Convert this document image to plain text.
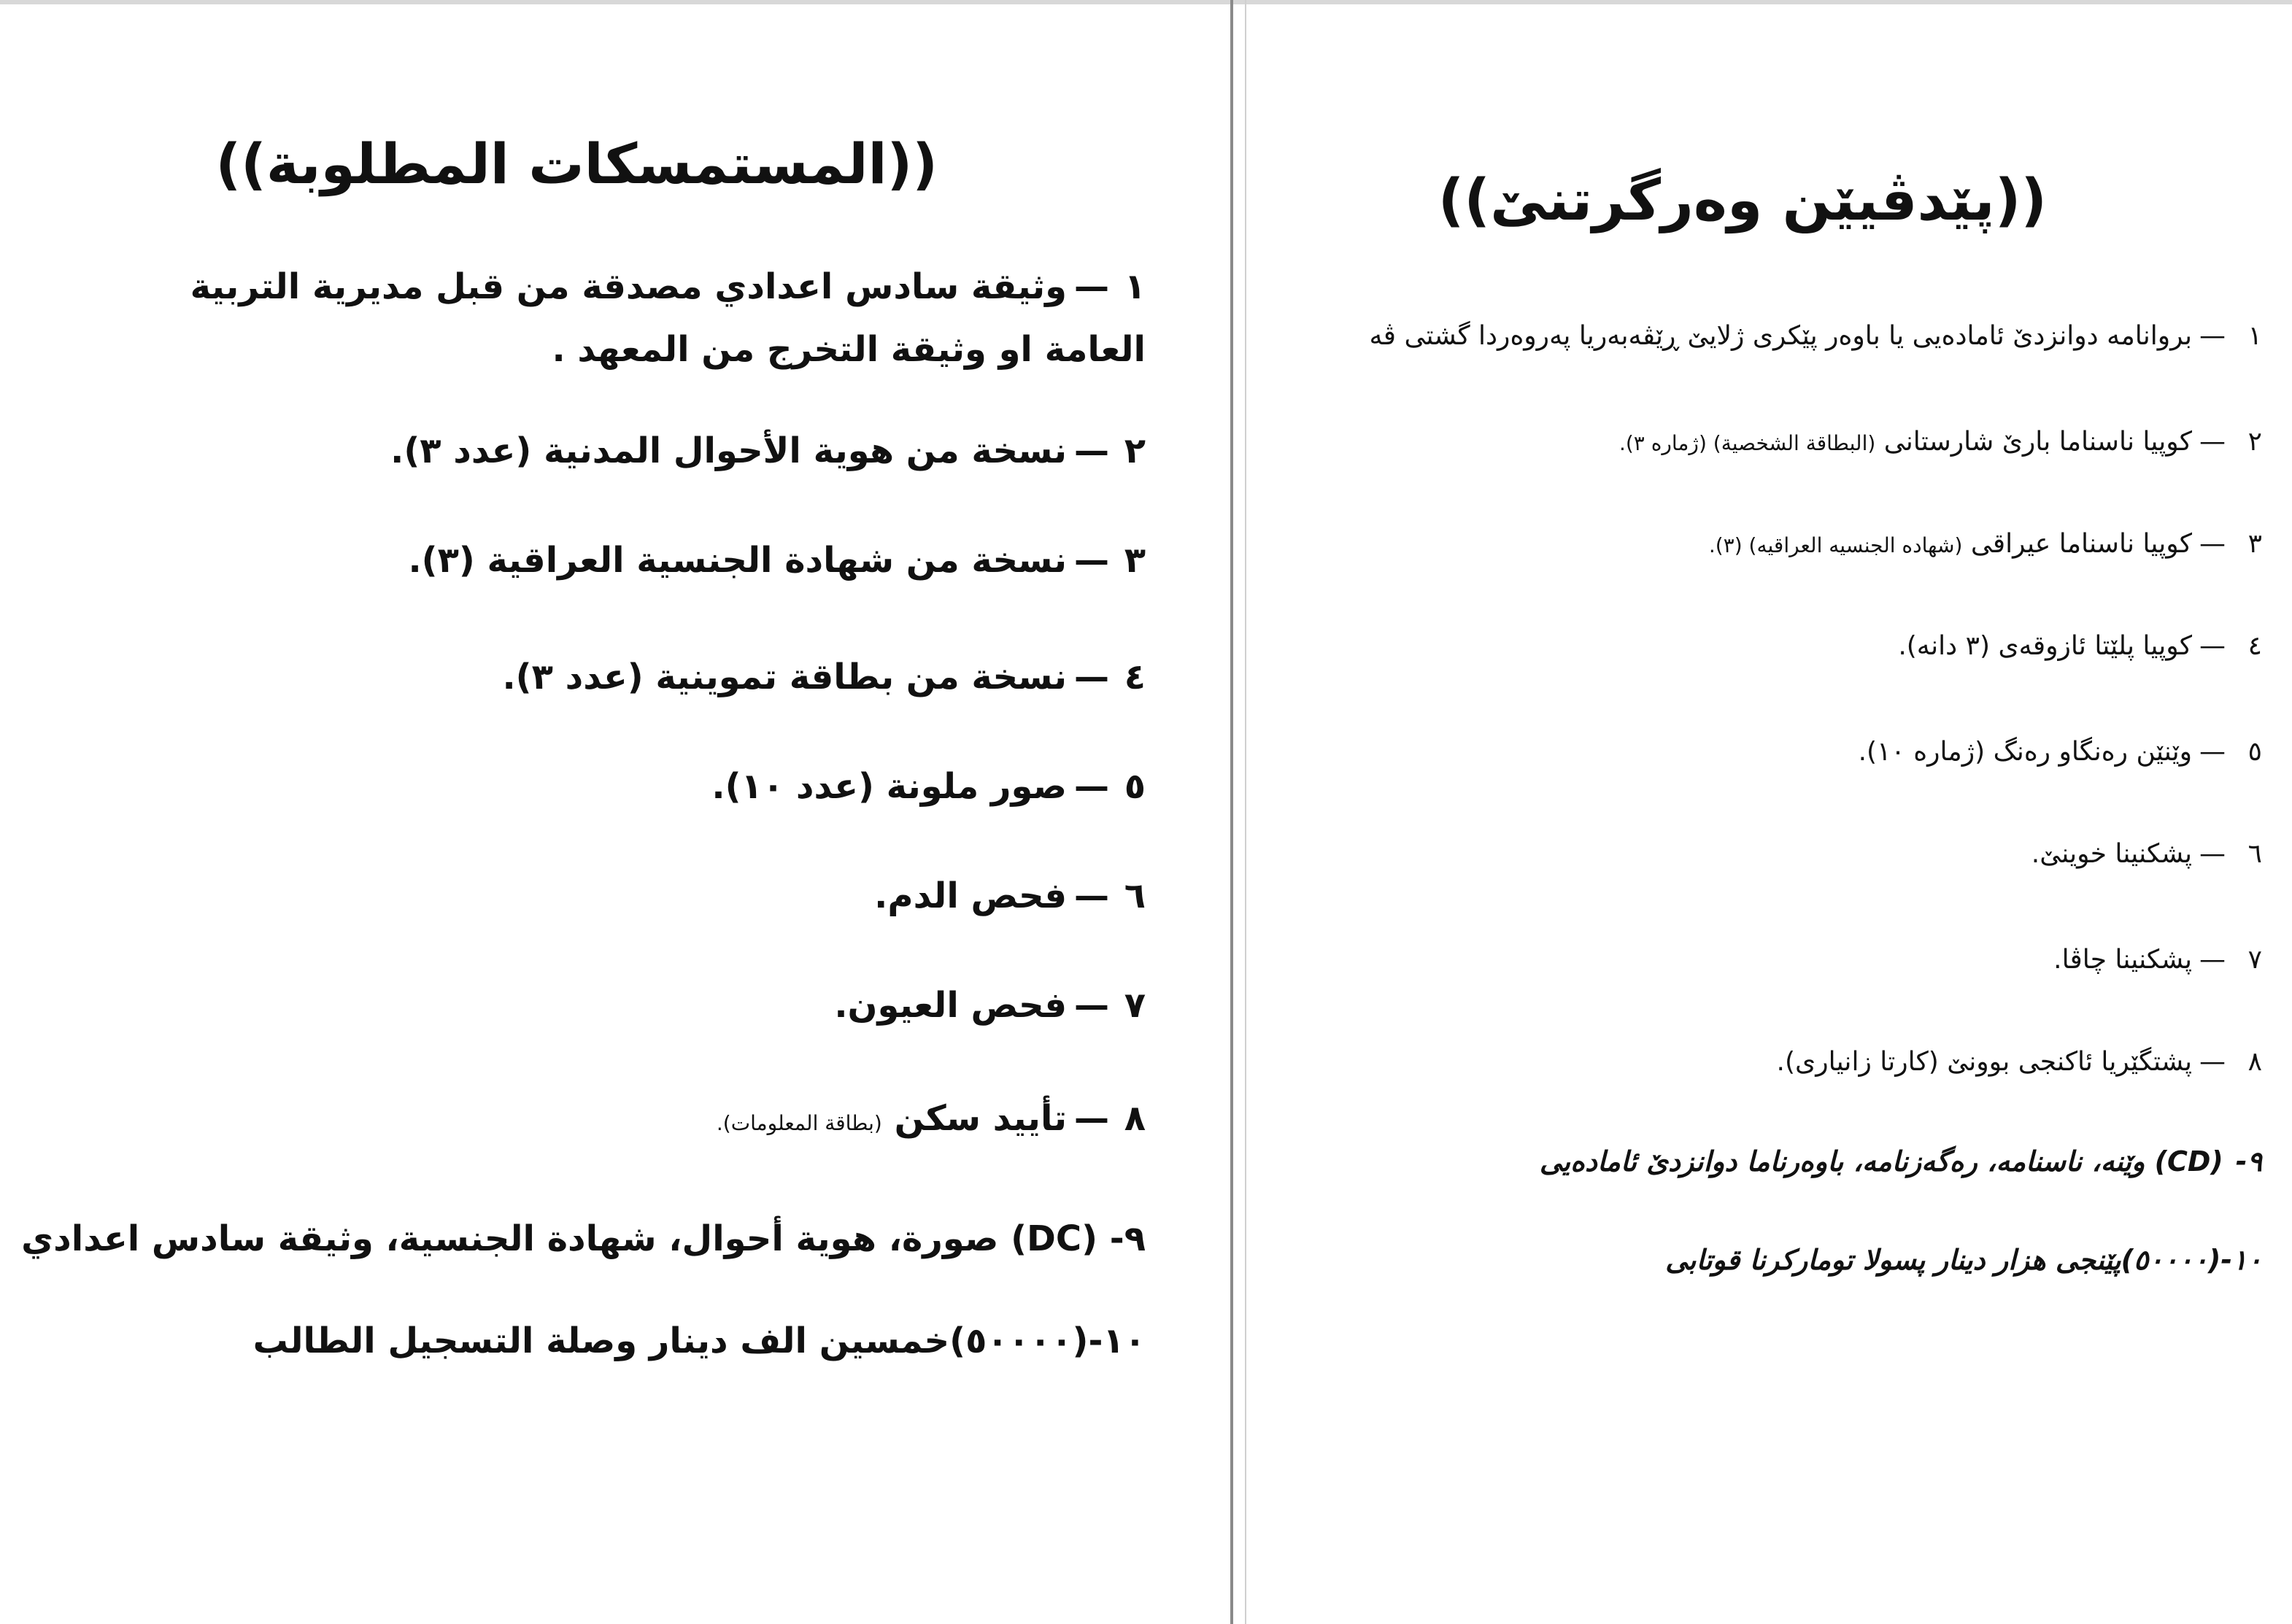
((المستمسكات المطلوبة))
١—وثيقة سادس اعدادي مصدقة من قبل مديرية التربية العامة او وثيقة التخرج من المعهد .
٢—نسخة من هوية الأحوال المدنية (عدد ٣).
٣—نسخة من شهادة الجنسية العراقية (٣).
٤—نسخة من بطاقة تموينية (عدد ٣).
٥—صور ملونة (عدد ١٠).
٦—فحص الدم.
٧—فحص العيون.
٨—تأييد سكن (بطاقة المعلومات).
٩- (DC) صورة، هوية أحوال، شهادة الجنسية، وثيقة سادس اعدادي
١٠-(٥٠٠٠٠)خمسين الف دينار وصلة التسجيل الطالب
((پێدڤیێن وەرگرتنێ))
١—بروانامە دوانزدێ ئامادەیی یا باوەر پێکری ژلایێ ڕێڤەبەریا پەروەردا گشتی ڤە
٢—کوپیا ناسناما بارێ شارستانی (البطاقة الشخصية) (ژمارە ٣).
٣—کوپیا ناسناما عیراقی (شهاده الجنسیه العراقیه) (٣).
٤—کوپیا پلێتا ئازوقەی (٣ دانە).
٥—وێنێن رەنگاو رەنگ (ژمارە ١٠).
٦—پشکنینا خوینێ.
٧—پشکنینا چاڤا.
٨—پشتگێریا ئاکنجی بوونێ (کارتا زانیاری).
٩- (CD) وێنە، ناسنامە، رەگەزنامە، باوەرناما دوانزدێ ئامادەیی
١٠-(٥٠٠٠٠)پێنجی هزار دینار پسولا تومارکرنا قوتابی
